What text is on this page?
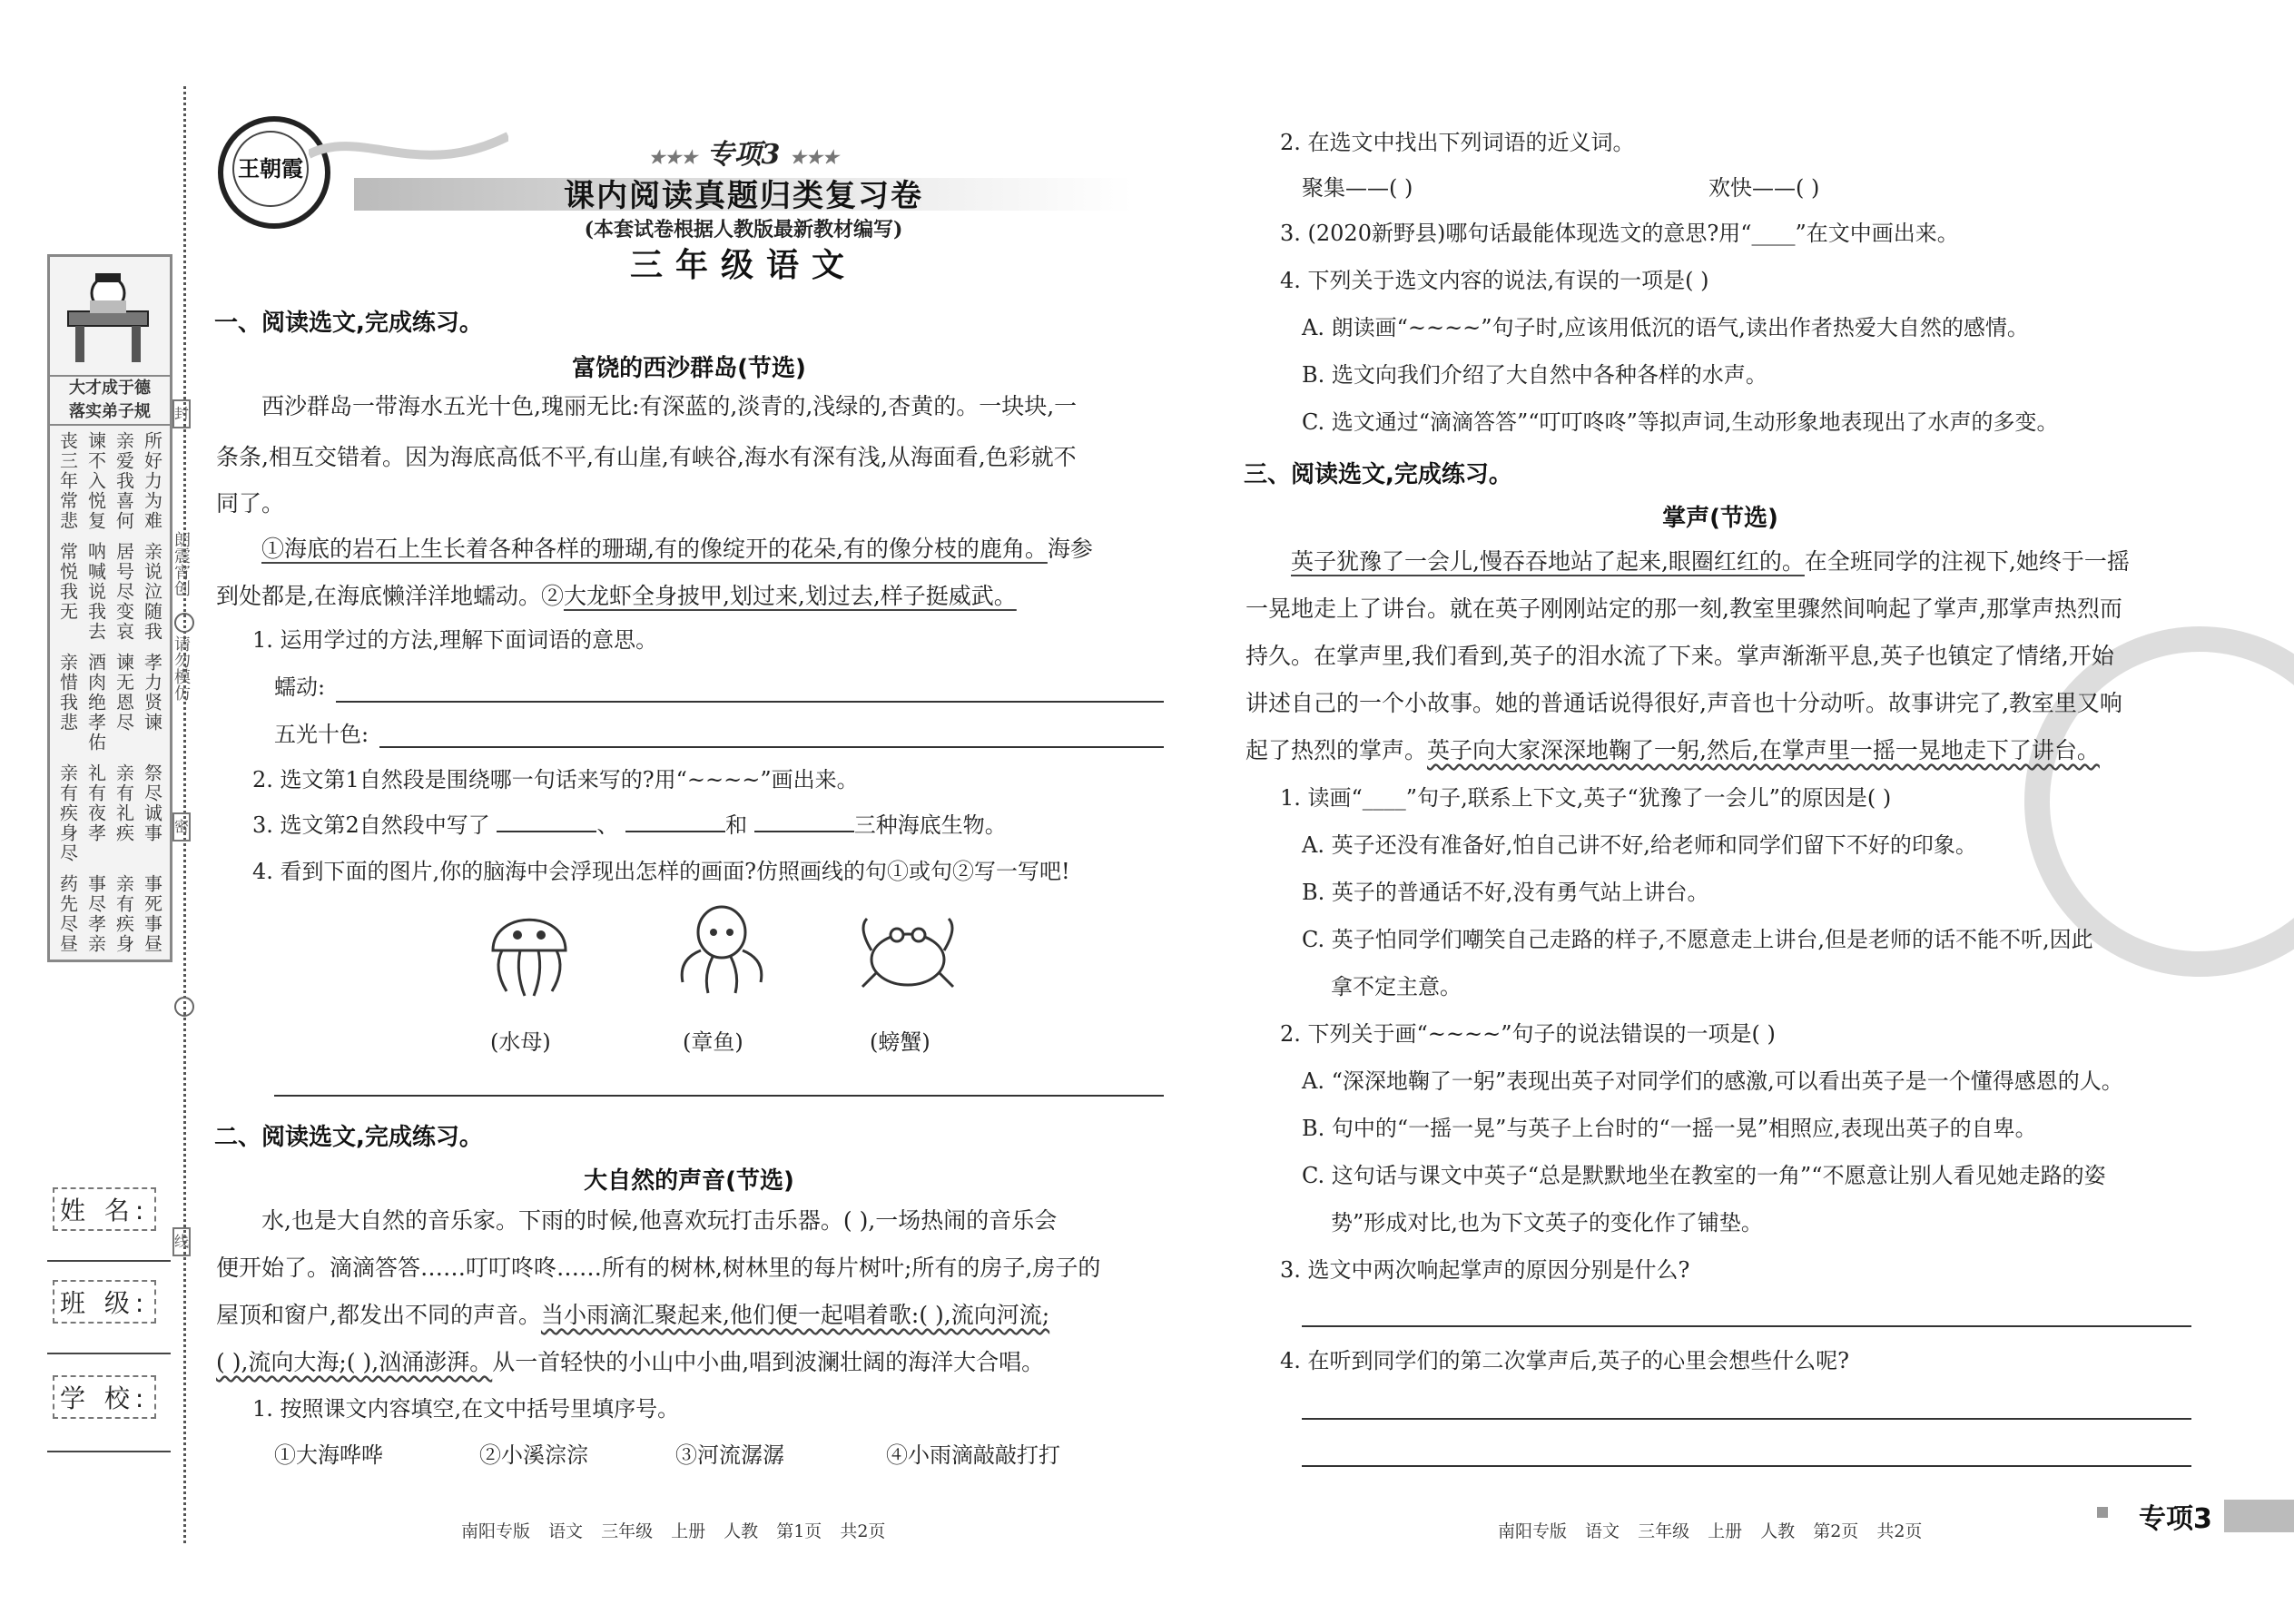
大才成于德
落实弟子规
丧三年常悲 谏不入悦复 亲爱我喜何 所好力为难
常悦我无 呐喊说我去 居号尽变哀 亲说泣随我
亲惜我悲 酒肉绝孝佑 谏无恩尽 孝力贤谏
亲有疾身尽 礼有夜孝 亲有礼疾 祭尽诚事
药先尽昼 事尽孝亲 亲有疾身 事死事昼
封
朗震宵创
请勿模仿
密
线
姓 名:
班 级:
学 校:
王朝霞	★★★ 专项3 ★★★
课内阅读真题归类复习卷
(本套试卷根据人教版最新教材编写)
三年级语文
一、阅读选文,完成练习。
富饶的西沙群岛(节选)
西沙群岛一带海水五光十色,瑰丽无比:有深蓝的,淡青的,浅绿的,杏黄的。一块块,一
条条,相互交错着。因为海底高低不平,有山崖,有峡谷,海水有深有浅,从海面看,色彩就不
同了。
①海底的岩石上生长着各种各样的珊瑚,有的像绽开的花朵,有的像分枝的鹿角。海参
到处都是,在海底懒洋洋地蠕动。②大龙虾全身披甲,划过来,划过去,样子挺威武。
1. 运用学过的方法,理解下面词语的意思。
蠕动:
五光十色:
2. 选文第1自然段是围绕哪一句话来写的?用“~~~~”画出来。
3. 选文第2自然段中写了	、	和	三种海底生物。
4. 看到下面的图片,你的脑海中会浮现出怎样的画面?仿照画线的句①或句②写一写吧!
(水母)	(章鱼)	(螃蟹)
二、阅读选文,完成练习。
大自然的声音(节选)
水,也是大自然的音乐家。下雨的时候,他喜欢玩打击乐器。( ),一场热闹的音乐会
便开始了。滴滴答答……叮叮咚咚……所有的树林,树林里的每片树叶;所有的房子,房子的
屋顶和窗户,都发出不同的声音。当小雨滴汇聚起来,他们便一起唱着歌:( ),流向河流;
( ),流向大海;( ),汹涌澎湃。从一首轻快的小山中小曲,唱到波澜壮阔的海洋大合唱。
1. 按照课文内容填空,在文中括号里填序号。
①大海哗哗	②小溪淙淙	③河流潺潺	④小雨滴敲敲打打
南阳专版 语文 三年级 上册 人教 第1页 共2页
2. 在选文中找出下列词语的近义词。
聚集——( )	欢快——( )
3. (2020新野县)哪句话最能体现选文的意思?用“____”在文中画出来。
4. 下列关于选文内容的说法,有误的一项是( )
A. 朗读画“~~~~”句子时,应该用低沉的语气,读出作者热爱大自然的感情。
B. 选文向我们介绍了大自然中各种各样的水声。
C. 选文通过“滴滴答答”“叮叮咚咚”等拟声词,生动形象地表现出了水声的多变。
三、阅读选文,完成练习。
掌声(节选)
英子犹豫了一会儿,慢吞吞地站了起来,眼圈红红的。在全班同学的注视下,她终于一摇
一晃地走上了讲台。就在英子刚刚站定的那一刻,教室里骤然间响起了掌声,那掌声热烈而
持久。在掌声里,我们看到,英子的泪水流了下来。掌声渐渐平息,英子也镇定了情绪,开始
讲述自己的一个小故事。她的普通话说得很好,声音也十分动听。故事讲完了,教室里又响
起了热烈的掌声。英子向大家深深地鞠了一躬,然后,在掌声里一摇一晃地走下了讲台。
1. 读画“____”句子,联系上下文,英子“犹豫了一会儿”的原因是( )
A. 英子还没有准备好,怕自己讲不好,给老师和同学们留下不好的印象。
B. 英子的普通话不好,没有勇气站上讲台。
C. 英子怕同学们嘲笑自己走路的样子,不愿意走上讲台,但是老师的话不能不听,因此
拿不定主意。
2. 下列关于画“~~~~”句子的说法错误的一项是( )
A. “深深地鞠了一躬”表现出英子对同学们的感激,可以看出英子是一个懂得感恩的人。
B. 句中的“一摇一晃”与英子上台时的“一摇一晃”相照应,表现出英子的自卑。
C. 这句话与课文中英子“总是默默地坐在教室的一角”“不愿意让别人看见她走路的姿
势”形成对比,也为下文英子的变化作了铺垫。
3. 选文中两次响起掌声的原因分别是什么?
4. 在听到同学们的第二次掌声后,英子的心里会想些什么呢?
南阳专版 语文 三年级 上册 人教 第2页 共2页	专项3
